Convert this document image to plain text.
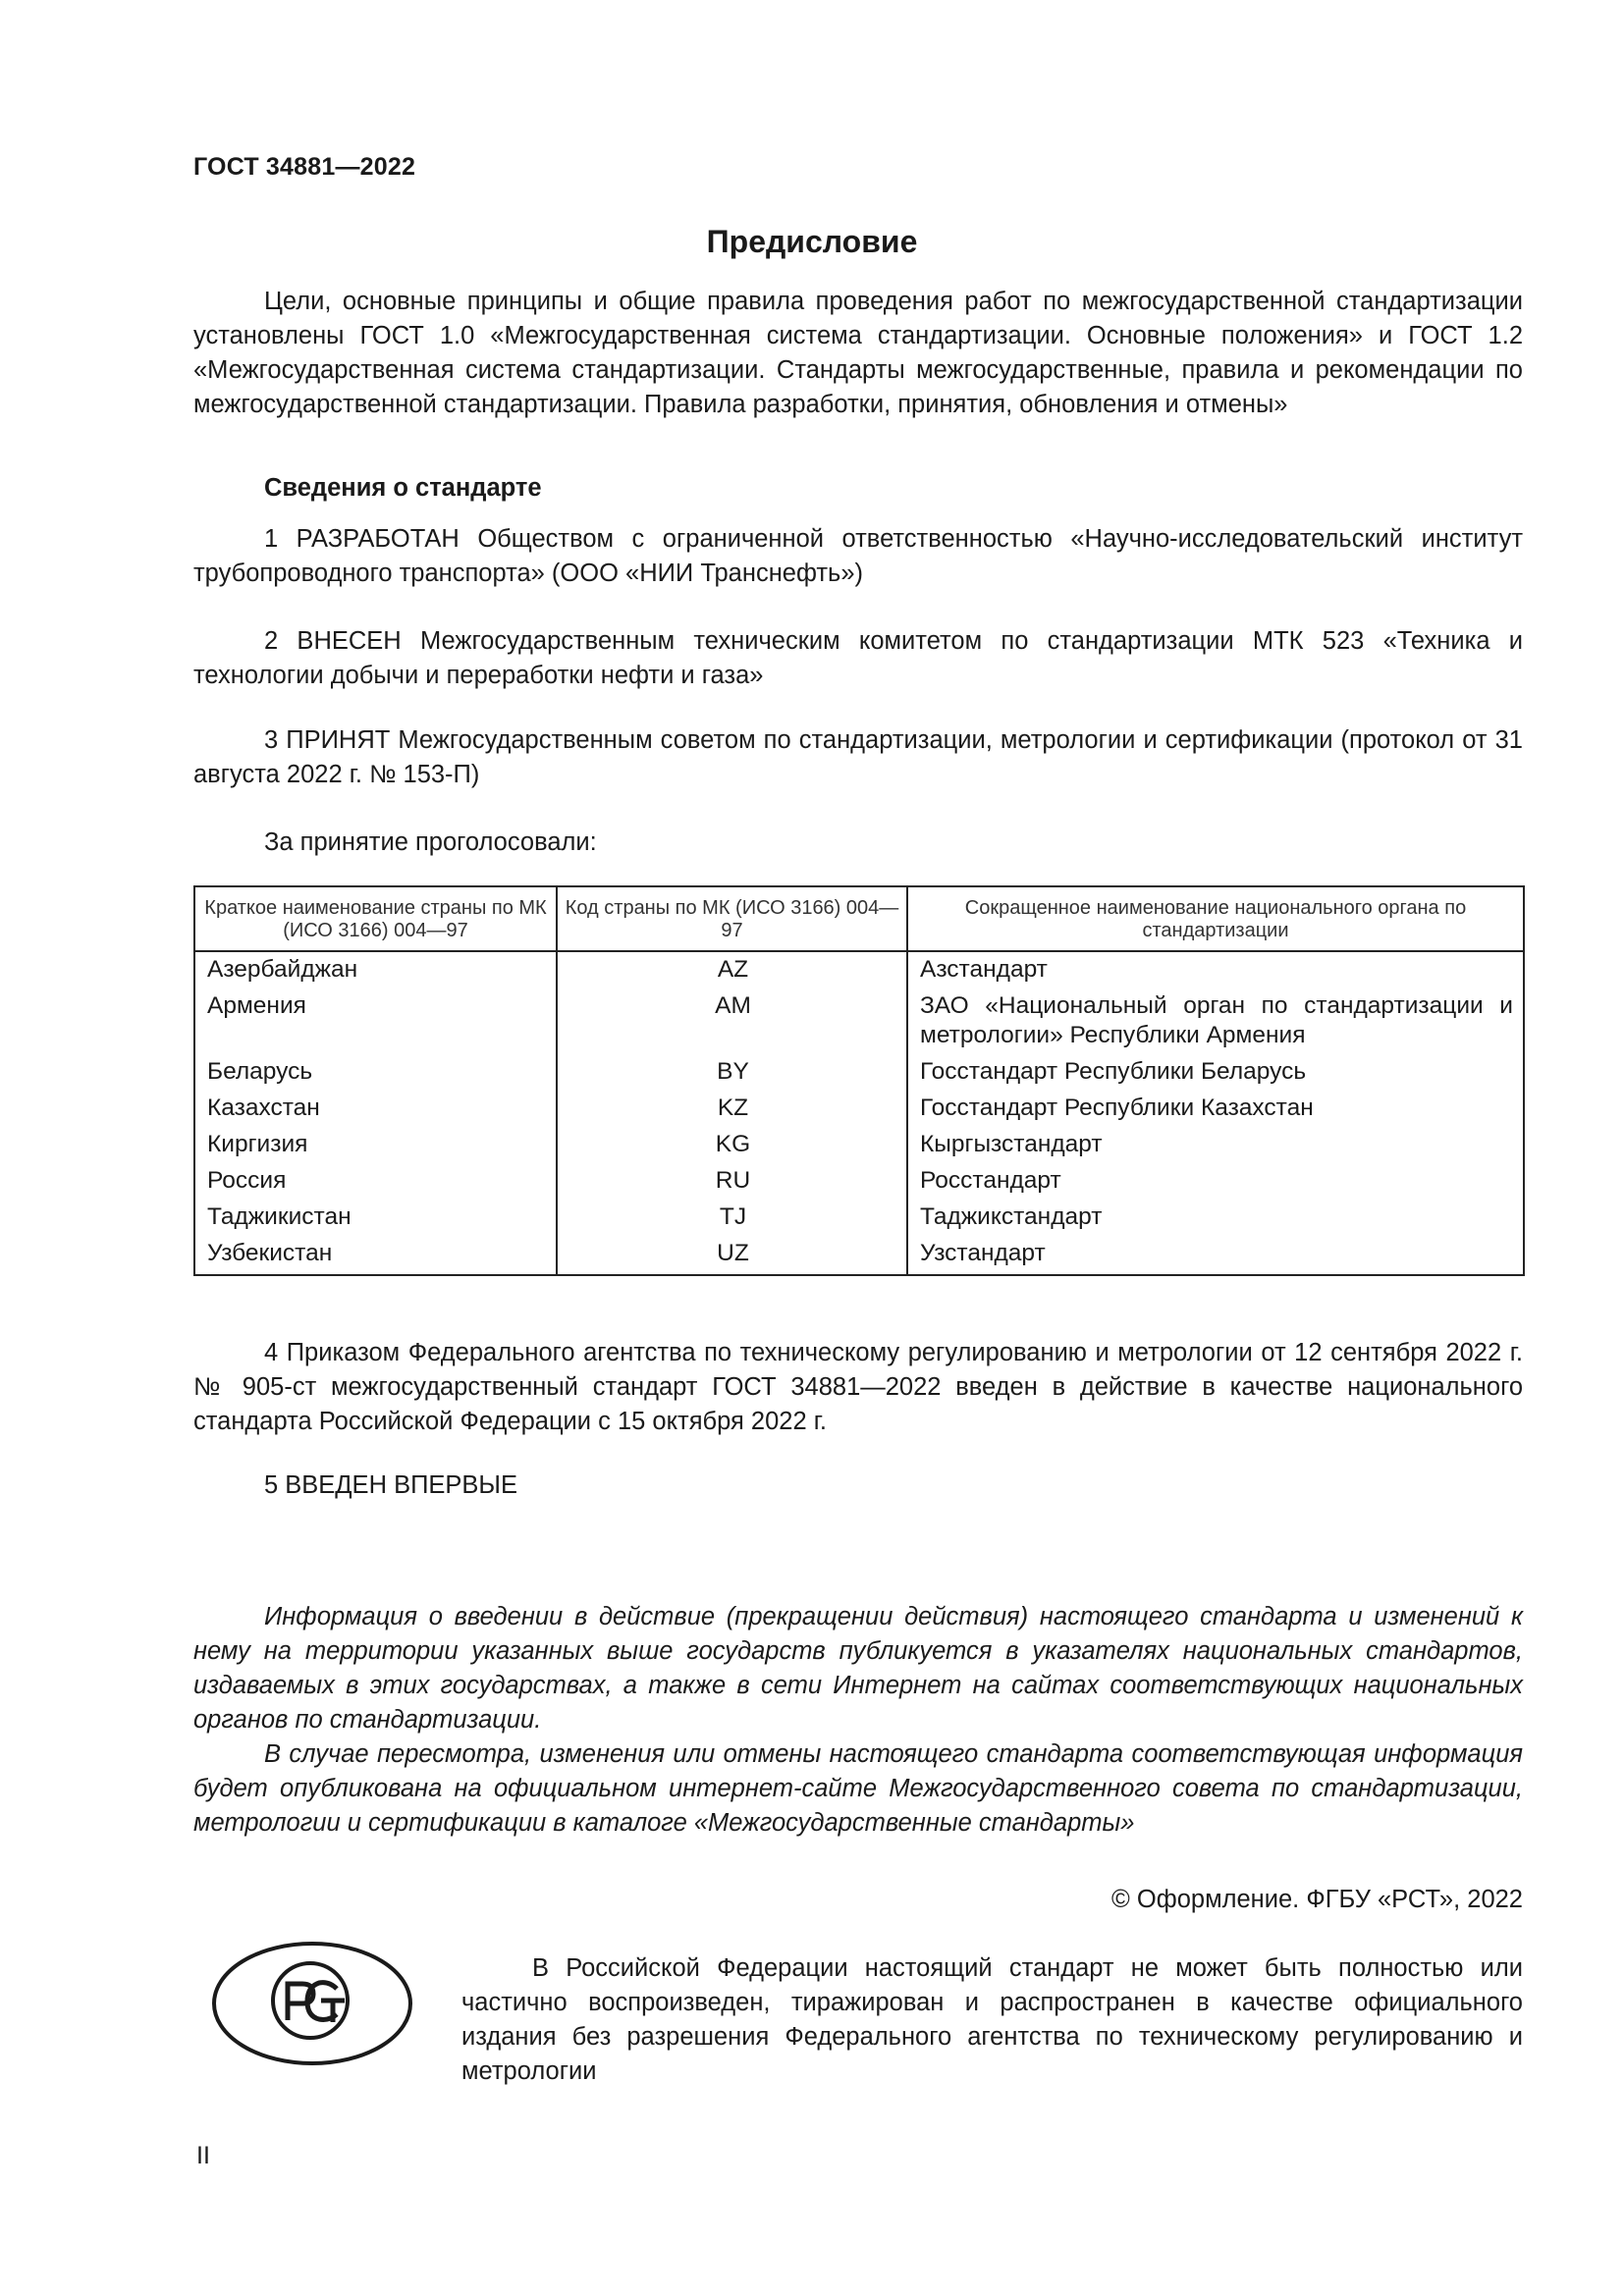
ГОСТ 34881—2022
Предисловие
Цели, основные принципы и общие правила проведения работ по межгосударственной стандартизации установлены ГОСТ 1.0 «Межгосударственная система стандартизации. Основные положения» и ГОСТ 1.2 «Межгосударственная система стандартизации. Стандарты межгосударственные, правила и рекомендации по межгосударственной стандартизации. Правила разработки, принятия, обновления и отмены»
Сведения о стандарте
1 РАЗРАБОТАН Обществом с ограниченной ответственностью «Научно-исследовательский институт трубопроводного транспорта» (ООО «НИИ Транснефть»)
2 ВНЕСЕН Межгосударственным техническим комитетом по стандартизации МТК 523 «Техника и технологии добычи и переработки нефти и газа»
3 ПРИНЯТ Межгосударственным советом по стандартизации, метрологии и сертификации (протокол от 31 августа 2022 г. № 153-П)
За принятие проголосовали:
Краткое наименование страны по МК (ИСО 3166) 004—97	Код страны по МК (ИСО 3166) 004—97	Сокращенное наименование национального органа по стандартизации
Азербайджан	AZ	Азстандарт
Армения	AM	ЗАО «Национальный орган по стандартизации и метрологии» Республики Армения
Беларусь	BY	Госстандарт Республики Беларусь
Казахстан	KZ	Госстандарт Республики Казахстан
Киргизия	KG	Кыргызстандарт
Россия	RU	Росстандарт
Таджикистан	TJ	Таджикстандарт
Узбекистан	UZ	Узстандарт
4 Приказом Федерального агентства по техническому регулированию и метрологии от 12 сентября 2022 г. № 905-ст межгосударственный стандарт ГОСТ 34881—2022 введен в действие в качестве национального стандарта Российской Федерации с 15 октября 2022 г.
5 ВВЕДЕН ВПЕРВЫЕ
Информация о введении в действие (прекращении действия) настоящего стандарта и изменений к нему на территории указанных выше государств публикуется в указателях национальных стандартов, издаваемых в этих государствах, а также в сети Интернет на сайтах соответствующих национальных органов по стандартизации.
В случае пересмотра, изменения или отмены настоящего стандарта соответствующая информация будет опубликована на официальном интернет-сайте Межгосударственного совета по стандартизации, метрологии и сертификации в каталоге «Межгосударственные стандарты»
© Оформление. ФГБУ «РСТ», 2022
В Российской Федерации настоящий стандарт не может быть полностью или частично воспроизведен, тиражирован и распространен в качестве официального издания без разрешения Федерального агентства по техническому регулированию и метрологии
II
